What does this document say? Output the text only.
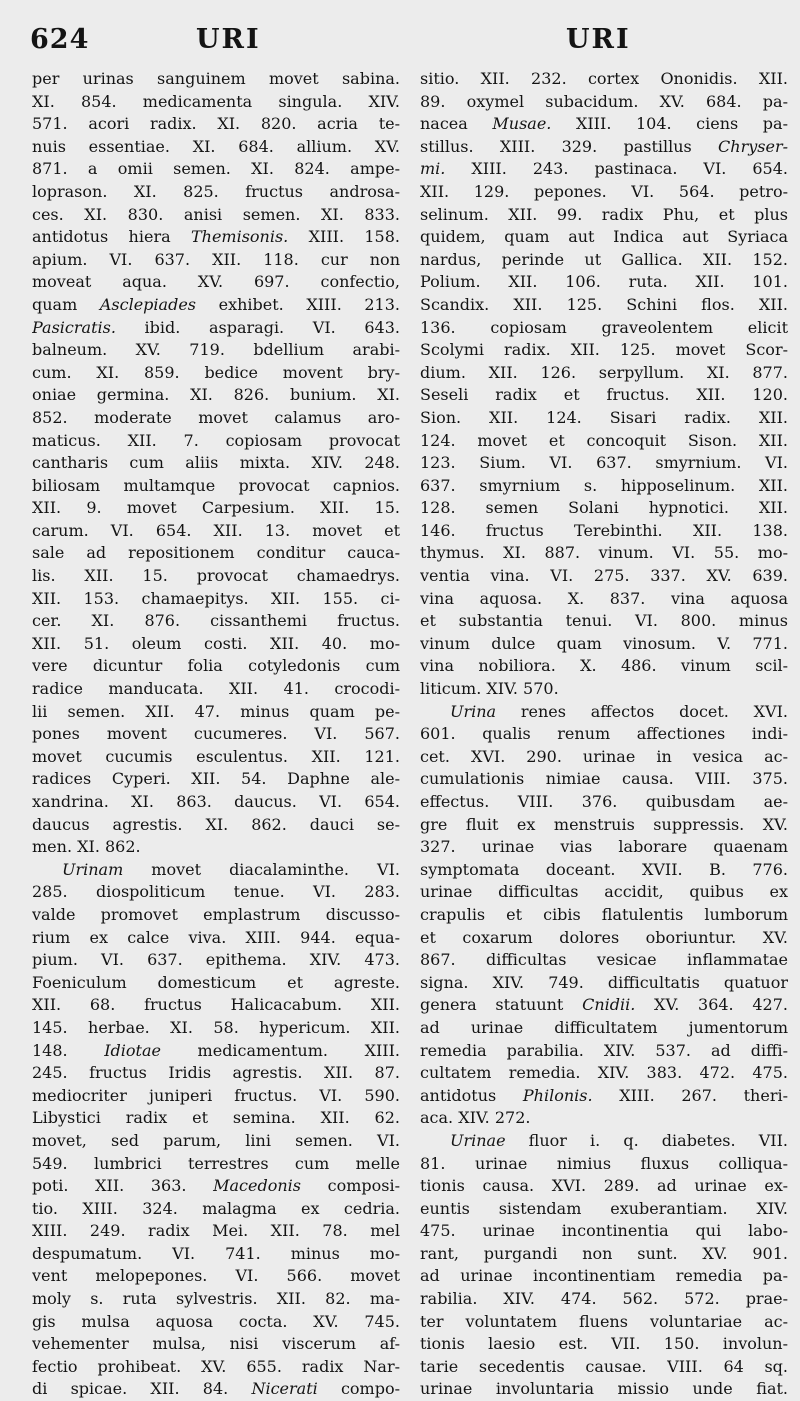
624	URI	URI
per urinas sanguinem movet sabina.
XI. 854. medicamenta singula. XIV.
571. acori radix. XI. 820. acria te-
nuis essentiae. XI. 684. allium. XV.
871. a omii semen. XI. 824. ampe-
loprason. XI. 825. fructus androsa-
ces. XI. 830. anisi semen. XI. 833.
antidotus hiera Themisonis. XIII. 158.
apium. VI. 637. XII. 118. cur non
moveat aqua. XV. 697. confectio,
quam Asclepiades exhibet. XIII. 213.
Pasicratis. ibid. asparagi. VI. 643.
balneum. XV. 719. bdellium arabi-
cum. XI. 859. bedice movent bry-
oniae germina. XI. 826. bunium. XI.
852. moderate movet calamus aro-
maticus. XII. 7. copiosam provocat
cantharis cum aliis mixta. XIV. 248.
biliosam multamque provocat capnios.
XII. 9. movet Carpesium. XII. 15.
carum. VI. 654. XII. 13. movet et
sale ad repositionem conditur cauca-
lis. XII. 15. provocat chamaedrys.
XII. 153. chamaepitys. XII. 155. ci-
cer. XI. 876. cissanthemi fructus.
XII. 51. oleum costi. XII. 40. mo-
vere dicuntur folia cotyledonis cum
radice manducata. XII. 41. crocodi-
lii semen. XII. 47. minus quam pe-
pones movent cucumeres. VI. 567.
movet cucumis esculentus. XII. 121.
radices Cyperi. XII. 54. Daphne ale-
xandrina. XI. 863. daucus. VI. 654.
daucus agrestis. XI. 862. dauci se-
men. XI. 862.
Urinam movet diacalaminthe. VI.
285. diospoliticum tenue. VI. 283.
valde promovet emplastrum discusso-
rium ex calce viva. XIII. 944. equa-
pium. VI. 637. epithema. XIV. 473.
Foeniculum domesticum et agreste.
XII. 68. fructus Halicacabum. XII.
145. herbae. XI. 58. hypericum. XII.
148. Idiotae medicamentum. XIII.
245. fructus Iridis agrestis. XII. 87.
mediocriter juniperi fructus. VI. 590.
Libystici radix et semina. XII. 62.
movet, sed parum, lini semen. VI.
549. lumbrici terrestres cum melle
poti. XII. 363. Macedonis composi-
tio. XIII. 324. malagma ex cedria.
XIII. 249. radix Mei. XII. 78. mel
despumatum. VI. 741. minus mo-
vent melopepones. VI. 566. movet
moly s. ruta sylvestris. XII. 82. ma-
gis mulsa aquosa cocta. XV. 745.
vehementer mulsa, nisi viscerum af-
fectio prohibeat. XV. 655. radix Nar-
di spicae. XII. 84. Nicerati compo-
sitio. XII. 232. cortex Ononidis. XII.
89. oxymel subacidum. XV. 684. pa-
nacea Musae. XIII. 104. ciens pa-
stillus. XIII. 329. pastillus Chryser-
mi. XIII. 243. pastinaca. VI. 654.
XII. 129. pepones. VI. 564. petro-
selinum. XII. 99. radix Phu, et plus
quidem, quam aut Indica aut Syriaca
nardus, perinde ut Gallica. XII. 152.
Polium. XII. 106. ruta. XII. 101.
Scandix. XII. 125. Schini flos. XII.
136. copiosam graveolentem elicit
Scolymi radix. XII. 125. movet Scor-
dium. XII. 126. serpyllum. XI. 877.
Seseli radix et fructus. XII. 120.
Sion. XII. 124. Sisari radix. XII.
124. movet et concoquit Sison. XII.
123. Sium. VI. 637. smyrnium. VI.
637. smyrnium s. hipposelinum. XII.
128. semen Solani hypnotici. XII.
146. fructus Terebinthi. XII. 138.
thymus. XI. 887. vinum. VI. 55. mo-
ventia vina. VI. 275. 337. XV. 639.
vina aquosa. X. 837. vina aquosa
et substantia tenui. VI. 800. minus
vinum dulce quam vinosum. V. 771.
vina nobiliora. X. 486. vinum scil-
liticum. XIV. 570.
Urina renes affectos docet. XVI.
601. qualis renum affectiones indi-
cet. XVI. 290. urinae in vesica ac-
cumulationis nimiae causa. VIII. 375.
effectus. VIII. 376. quibusdam ae-
gre fluit ex menstruis suppressis. XV.
327. urinae vias laborare quaenam
symptomata doceant. XVII. B. 776.
urinae difficultas accidit, quibus ex
crapulis et cibis flatulentis lumborum
et coxarum dolores oboriuntur. XV.
867. difficultas vesicae inflammatae
signa. XIV. 749. difficultatis quatuor
genera statuunt Cnidii. XV. 364. 427.
ad urinae difficultatem jumentorum
remedia parabilia. XIV. 537. ad diffi-
cultatem remedia. XIV. 383. 472. 475.
antidotus Philonis. XIII. 267. theri-
aca. XIV. 272.
Urinae fluor i. q. diabetes. VII.
81. urinae nimius fluxus colliqua-
tionis causa. XVI. 289. ad urinae ex-
euntis sistendam exuberantiam. XIV.
475. urinae incontinentia qui labo-
rant, purgandi non sunt. XV. 901.
ad urinae incontinentiam remedia pa-
rabilia. XIV. 474. 562. 572. prae-
ter voluntatem fluens voluntariae ac-
tionis laesio est. VII. 150. involun-
tarie secedentis causae. VIII. 64 sq.
urinae involuntaria missio unde fiat.
